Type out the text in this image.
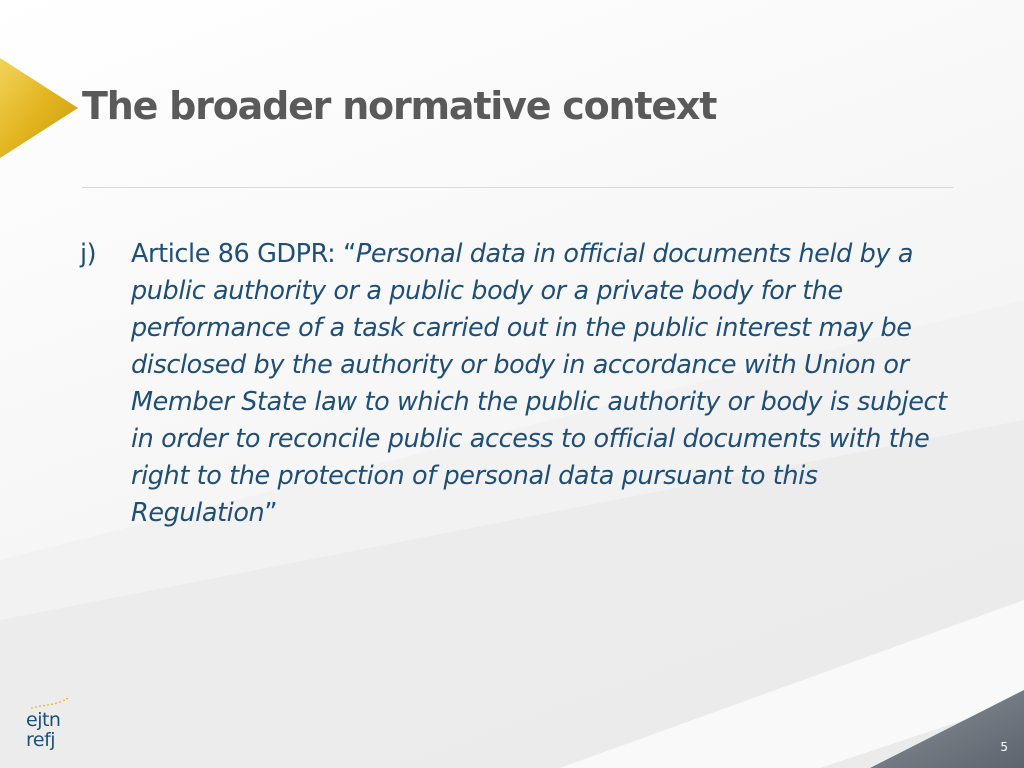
The broader normative context
j) Article 86 GDPR: “Personal data in official documents held by a public authority or a public body or a private body for the performance of a task carried out in the public interest may be disclosed by the authority or body in accordance with Union or Member State law to which the public authority or body is subject in order to reconcile public access to official documents with the right to the protection of personal data pursuant to this Regulation”
ejtn
refj	5
